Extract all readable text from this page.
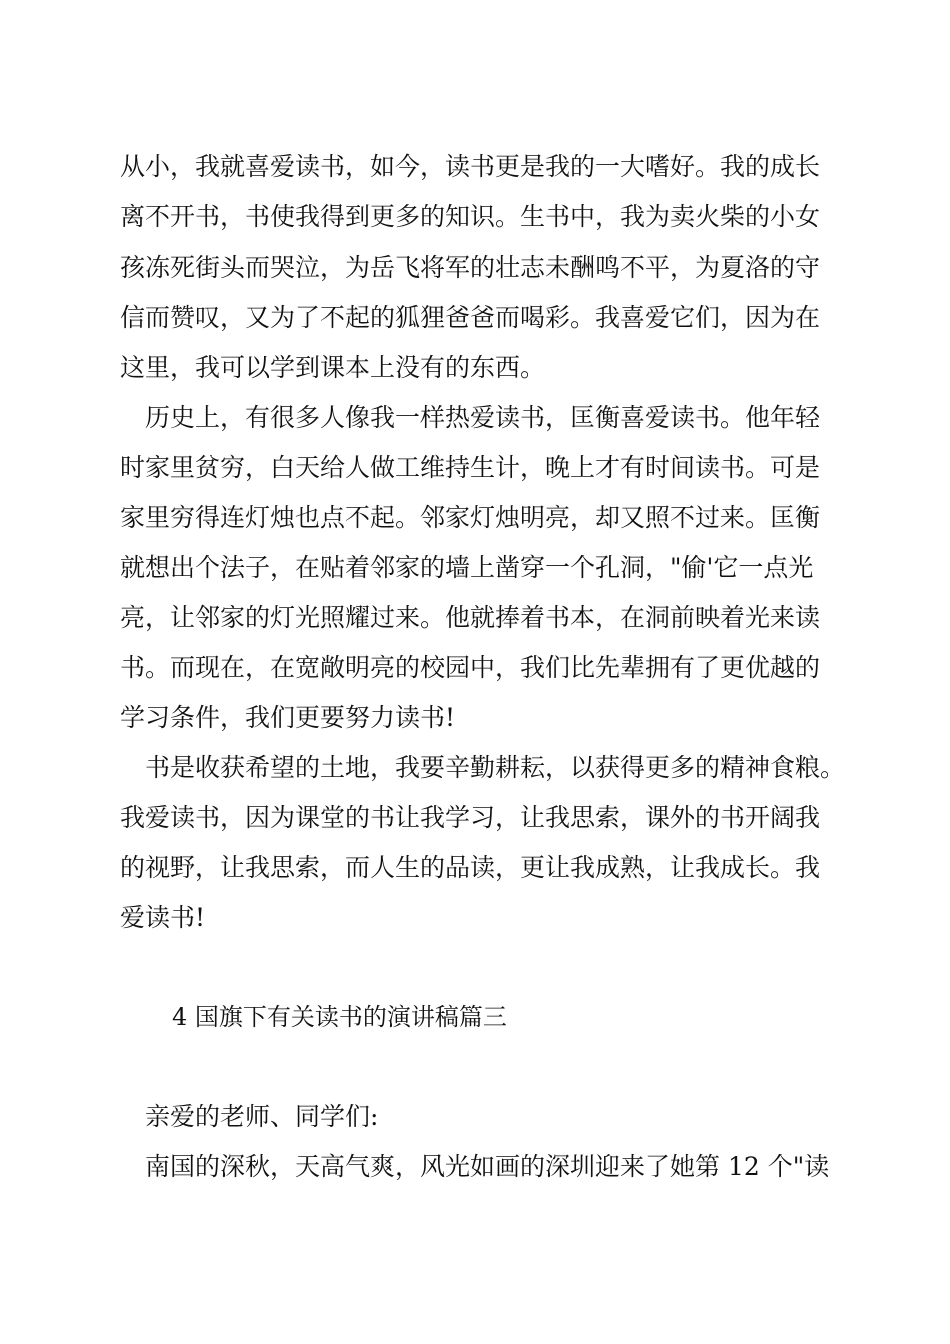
从小，我就喜爱读书，如今，读书更是我的一大嗜好。我的成长
离不开书，书使我得到更多的知识。生书中，我为卖火柴的小女
孩冻死街头而哭泣，为岳飞将军的壮志未酬鸣不平，为夏洛的守
信而赞叹，又为了不起的狐狸爸爸而喝彩。我喜爱它们，因为在
这里，我可以学到课本上没有的东西。
历史上，有很多人像我一样热爱读书，匡衡喜爱读书。他年轻
时家里贫穷，白天给人做工维持生计，晚上才有时间读书。可是
家里穷得连灯烛也点不起。邻家灯烛明亮，却又照不过来。匡衡
就想出个法子，在贴着邻家的墙上凿穿一个孔洞，"偷'它一点光
亮，让邻家的灯光照耀过来。他就捧着书本，在洞前映着光来读
书。而现在，在宽敞明亮的校园中，我们比先辈拥有了更优越的
学习条件，我们更要努力读书!
书是收获希望的土地，我要辛勤耕耘，以获得更多的精神食粮。
我爱读书，因为课堂的书让我学习，让我思索，课外的书开阔我
的视野，让我思索，而人生的品读，更让我成熟，让我成长。我
爱读书!
4 国旗下有关读书的演讲稿篇三
亲爱的老师、同学们:
南国的深秋，天高气爽，风光如画的深圳迎来了她第 12 个"读
